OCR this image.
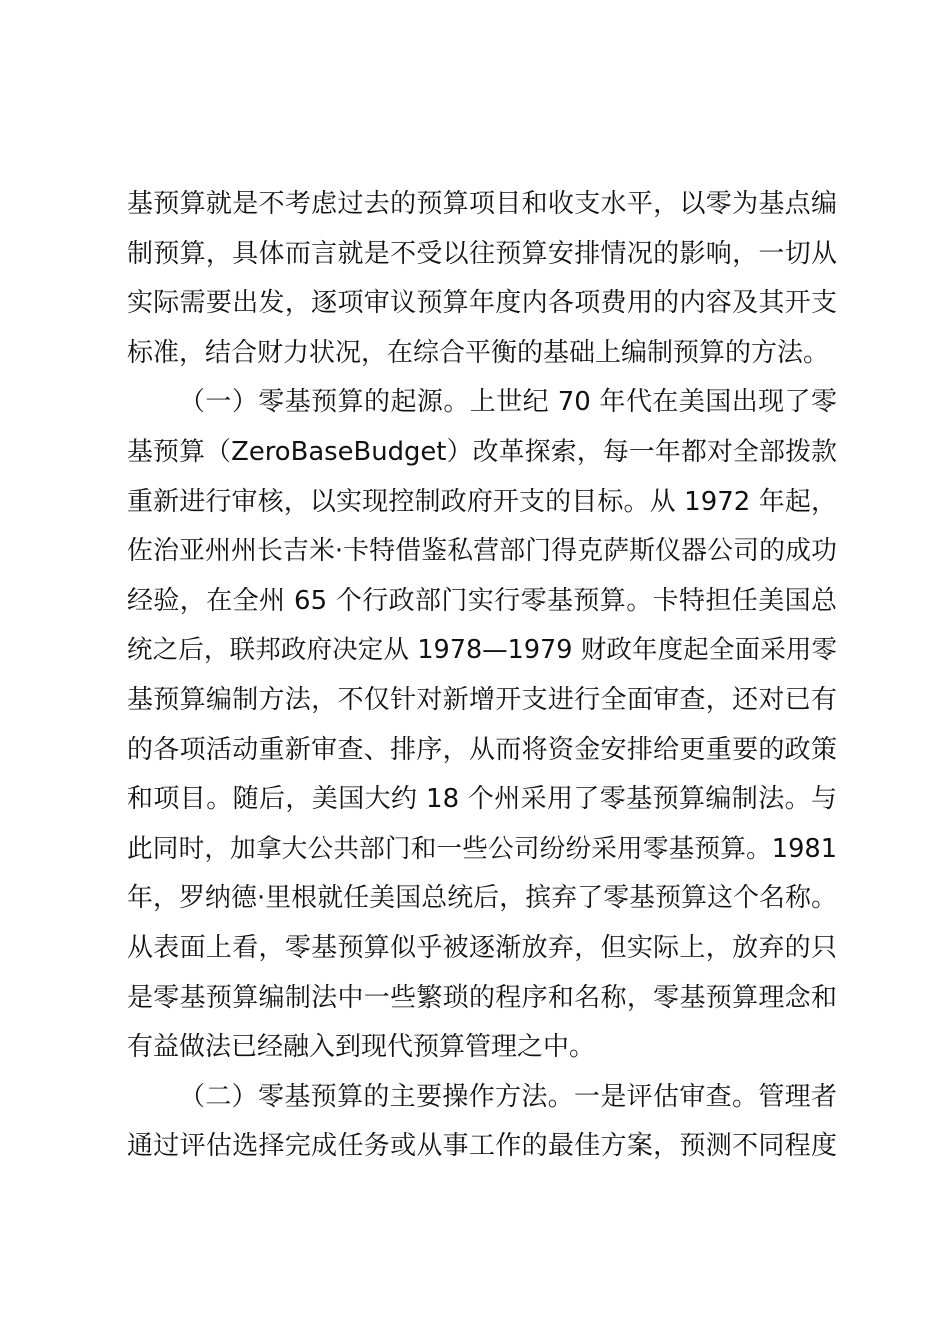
基预算就是不考虑过去的预算项目和收支水平，以零为基点编
制预算，具体而言就是不受以往预算安排情况的影响，一切从
实际需要出发，逐项审议预算年度内各项费用的内容及其开支
标准，结合财力状况，在综合平衡的基础上编制预算的方法。
（一）零基预算的起源。上世纪 70 年代在美国出现了零
基预算（ZeroBaseBudget）改革探索，每一年都对全部拨款
重新进行审核，以实现控制政府开支的目标。从 1972 年起，
佐治亚州州长吉米·卡特借鉴私营部门得克萨斯仪器公司的成功
经验，在全州 65 个行政部门实行零基预算。卡特担任美国总
统之后，联邦政府决定从 1978—1979 财政年度起全面采用零
基预算编制方法，不仅针对新增开支进行全面审查，还对已有
的各项活动重新审查、排序，从而将资金安排给更重要的政策
和项目。随后，美国大约 18 个州采用了零基预算编制法。与
此同时，加拿大公共部门和一些公司纷纷采用零基预算。1981
年，罗纳德·里根就任美国总统后，摈弃了零基预算这个名称。
从表面上看，零基预算似乎被逐渐放弃，但实际上，放弃的只
是零基预算编制法中一些繁琐的程序和名称，零基预算理念和
有益做法已经融入到现代预算管理之中。
（二）零基预算的主要操作方法。一是评估审查。管理者
通过评估选择完成任务或从事工作的最佳方案，预测不同程度
